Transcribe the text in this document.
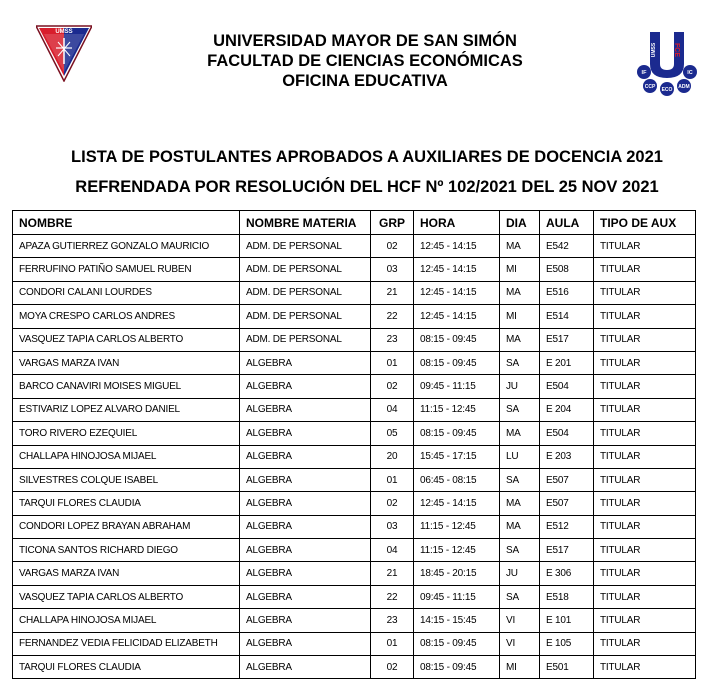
UMSS	UNIVERSIDAD MAYOR DE SAN SIMÓN
FACULTAD DE CIENCIAS ECONÓMICAS
OFICINA EDUCATIVA
FCE
UMSS
IF	IC
CCP ECO ADM
LISTA DE POSTULANTES APROBADOS A AUXILIARES DE DOCENCIA 2021
REFRENDADA POR RESOLUCIÓN DEL HCF Nº 102/2021 DEL 25 NOV 2021
NOMBRE	NOMBRE MATERIA	GRP	HORA	DIA	AULA	TIPO DE AUX
APAZA GUTIERREZ GONZALO MAURICIO	ADM. DE PERSONAL	02	12:45 - 14:15	MA	E542	TITULAR
FERRUFINO PATIÑO SAMUEL RUBEN	ADM. DE PERSONAL	03	12:45 - 14:15	MI	E508	TITULAR
CONDORI CALANI LOURDES	ADM. DE PERSONAL	21	12:45 - 14:15	MA	E516	TITULAR
MOYA CRESPO CARLOS ANDRES	ADM. DE PERSONAL	22	12:45 - 14:15	MI	E514	TITULAR
VASQUEZ TAPIA CARLOS ALBERTO	ADM. DE PERSONAL	23	08:15 - 09:45	MA	E517	TITULAR
VARGAS MARZA IVAN	ALGEBRA	01	08:15 - 09:45	SA	E 201	TITULAR
BARCO CANAVIRI MOISES MIGUEL	ALGEBRA	02	09:45 - 11:15	JU	E504	TITULAR
ESTIVARIZ LOPEZ ALVARO DANIEL	ALGEBRA	04	11:15 - 12:45	SA	E 204	TITULAR
TORO RIVERO EZEQUIEL	ALGEBRA	05	08:15 - 09:45	MA	E504	TITULAR
CHALLAPA HINOJOSA MIJAEL	ALGEBRA	20	15:45 - 17:15	LU	E 203	TITULAR
SILVESTRES COLQUE ISABEL	ALGEBRA	01	06:45 - 08:15	SA	E507	TITULAR
TARQUI FLORES CLAUDIA	ALGEBRA	02	12:45 - 14:15	MA	E507	TITULAR
CONDORI LOPEZ BRAYAN ABRAHAM	ALGEBRA	03	11:15 - 12:45	MA	E512	TITULAR
TICONA SANTOS RICHARD DIEGO	ALGEBRA	04	11:15 - 12:45	SA	E517	TITULAR
VARGAS MARZA IVAN	ALGEBRA	21	18:45 - 20:15	JU	E 306	TITULAR
VASQUEZ TAPIA CARLOS ALBERTO	ALGEBRA	22	09:45 - 11:15	SA	E518	TITULAR
CHALLAPA HINOJOSA MIJAEL	ALGEBRA	23	14:15 - 15:45	VI	E 101	TITULAR
FERNANDEZ VEDIA FELICIDAD ELIZABETH	ALGEBRA	01	08:15 - 09:45	VI	E 105	TITULAR
TARQUI FLORES CLAUDIA	ALGEBRA	02	08:15 - 09:45	MI	E501	TITULAR
